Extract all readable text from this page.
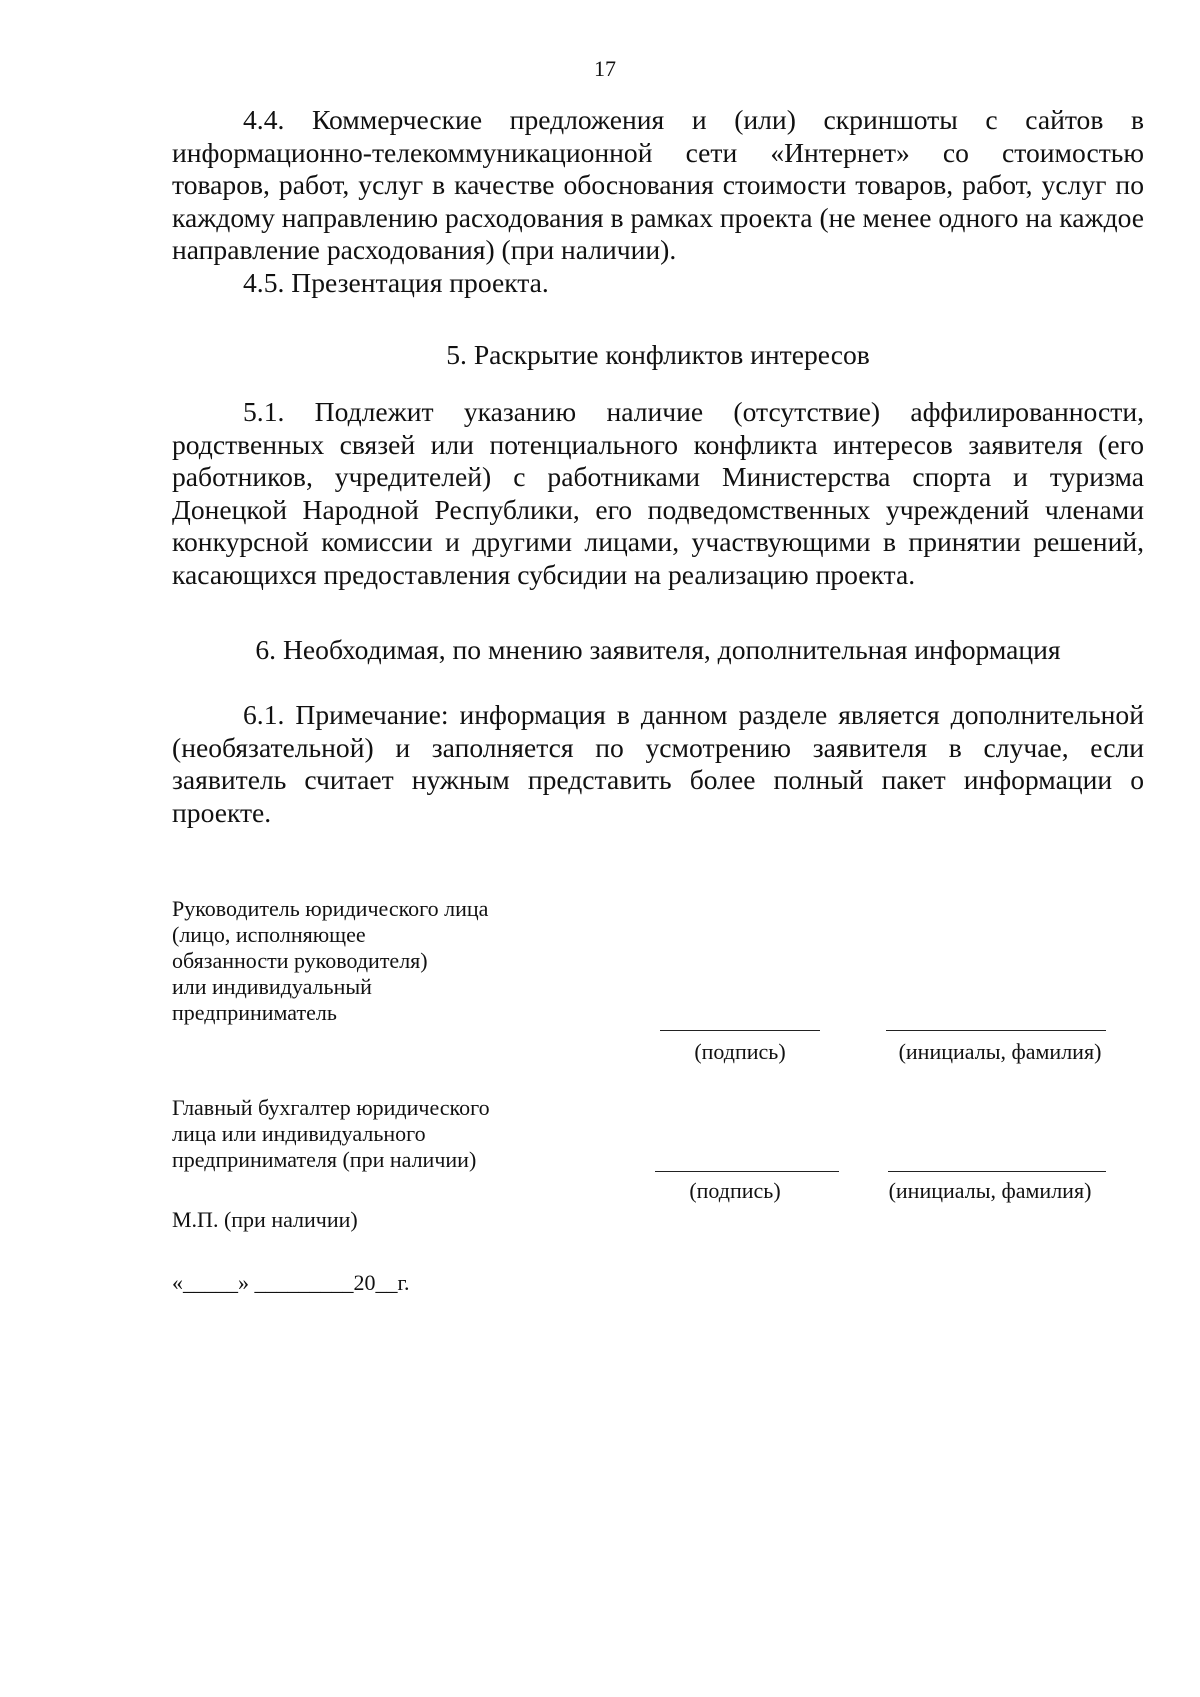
17

4.4. Коммерческие предложения и (или) скриншоты с сайтов в информационно-телекоммуникационной сети «Интернет» со стоимостью товаров, работ, услуг в качестве обоснования стоимости товаров, работ, услуг по каждому направлению расходования в рамках проекта (не менее одного на каждое направление расходования) (при наличии).

4.5. Презентация проекта.

5. Раскрытие конфликтов интересов

5.1. Подлежит указанию наличие (отсутствие) аффилированности, родственных связей или потенциального конфликта интересов заявителя (его работников, учредителей) с работниками Министерства спорта и туризма Донецкой Народной Республики, его подведомственных учреждений членами конкурсной комиссии и другими лицами, участвующими в принятии решений, касающихся предоставления субсидии на реализацию проекта.

6. Необходимая, по мнению заявителя, дополнительная информация

6.1. Примечание: информация в данном разделе является дополнительной (необязательной) и заполняется по усмотрению заявителя в случае, если заявитель считает нужным представить более полный пакет информации о проекте.

Руководитель юридического лица
(лицо, исполняющее
обязанности руководителя)
или индивидуальный
предприниматель
(подпись)	(инициалы, фамилия)
Главный бухгалтер юридического
лица или индивидуального
предпринимателя (при наличии)
(подпись)	(инициалы, фамилия)
М.П. (при наличии)
«_____» _________20__г.
